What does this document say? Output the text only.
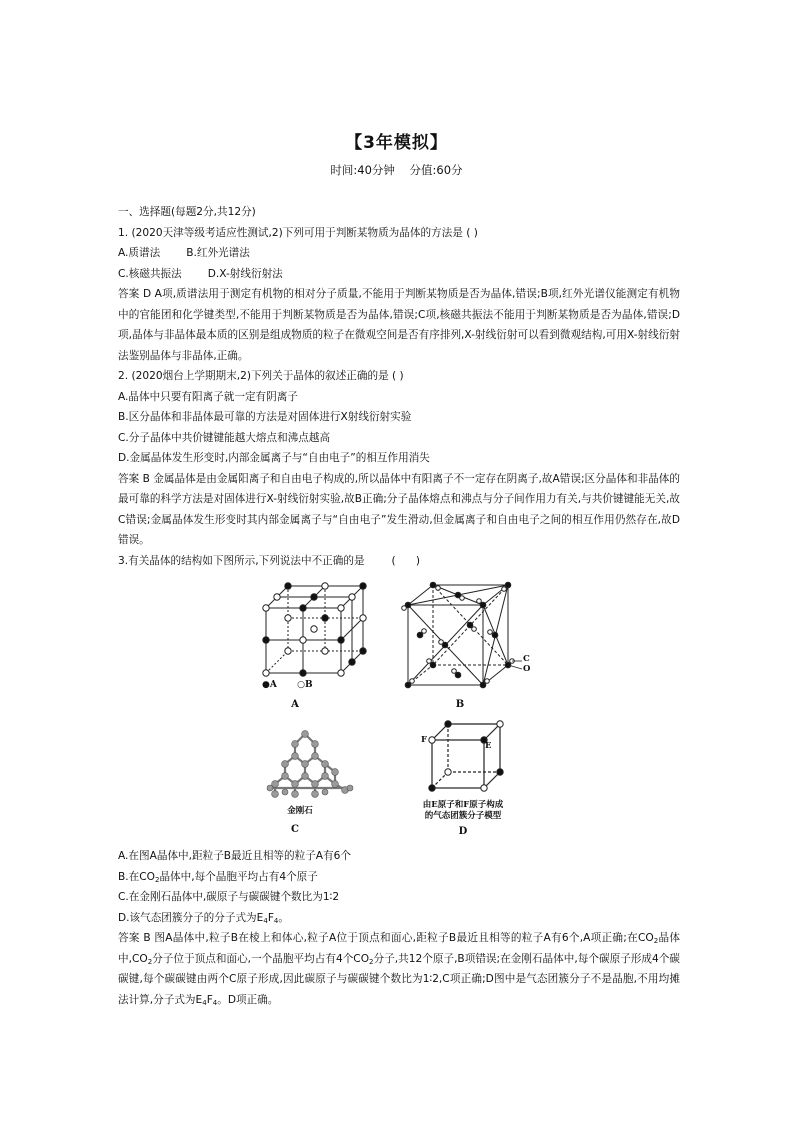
【3年模拟】
时间:40分钟    分值:60分
一、选择题(每题2分,共12分)
1. (2020天津等级考适应性测试,2)下列可用于判断某物质为晶体的方法是 ( )
A.质谱法 B.红外光谱法
C.核磁共振法 D.X-射线衍射法
答案 D A项,质谱法用于测定有机物的相对分子质量,不能用于判断某物质是否为晶体,错误;B项,红外光谱仪能测定有机物中的官能团和化学键类型,不能用于判断某物质是否为晶体,错误;C项,核磁共振法不能用于判断某物质是否为晶体,错误;D项,晶体与非晶体最本质的区别是组成物质的粒子在微观空间是否有序排列,X-射线衍射可以看到微观结构,可用X-射线衍射法鉴别晶体与非晶体,正确。
2. (2020烟台上学期期末,2)下列关于晶体的叙述正确的是 ( )
A.晶体中只要有阳离子就一定有阴离子
B.区分晶体和非晶体最可靠的方法是对固体进行X射线衍射实验
C.分子晶体中共价键键能越大熔点和沸点越高
D.金属晶体发生形变时,内部金属离子与“自由电子”的相互作用消失
答案 B 金属晶体是由金属阳离子和自由电子构成的,所以晶体中有阳离子不一定存在阴离子,故A错误;区分晶体和非晶体的最可靠的科学方法是对固体进行X-射线衍射实验,故B正确;分子晶体熔点和沸点与分子间作用力有关,与共价键键能无关,故C错误;金属晶体发生形变时其内部金属离子与“自由电子”发生滑动,但金属离子和自由电子之间的相互作用仍然存在,故D错误。
3.有关晶体的结构如下图所示,下列说法中不正确的是        (      )
●A ○B
A
C
O
B
金刚石
C
F
E
由E原子和F原子构成
的气态团簇分子模型
D
A.在图A晶体中,距粒子B最近且相等的粒子A有6个
B.在$CO_2$晶体中,每个晶胞平均占有4个原子
C.在金刚石晶体中,碳原子与碳碳键个数比为1∶2
D.该气态团簇分子的分子式为$E_4F_4$。
答案 B 图A晶体中,粒子B在棱上和体心,粒子A位于顶点和面心,距粒子B最近且相等的粒子A有6个,A项正确;在$CO_2$晶体中$,CO_2$分子位于顶点和面心,一个晶胞平均占有4个$CO_2$分子,共12个原子,B项错误;在金刚石晶体中,每个碳原子形成4个碳碳键,每个碳碳键由两个C原子形成,因此碳原子与碳碳键个数比为1∶2,C项正确;D图中是气态团簇分子不是晶胞,不用均摊法计算,分子式为$E_4F_4$。D项正确。
